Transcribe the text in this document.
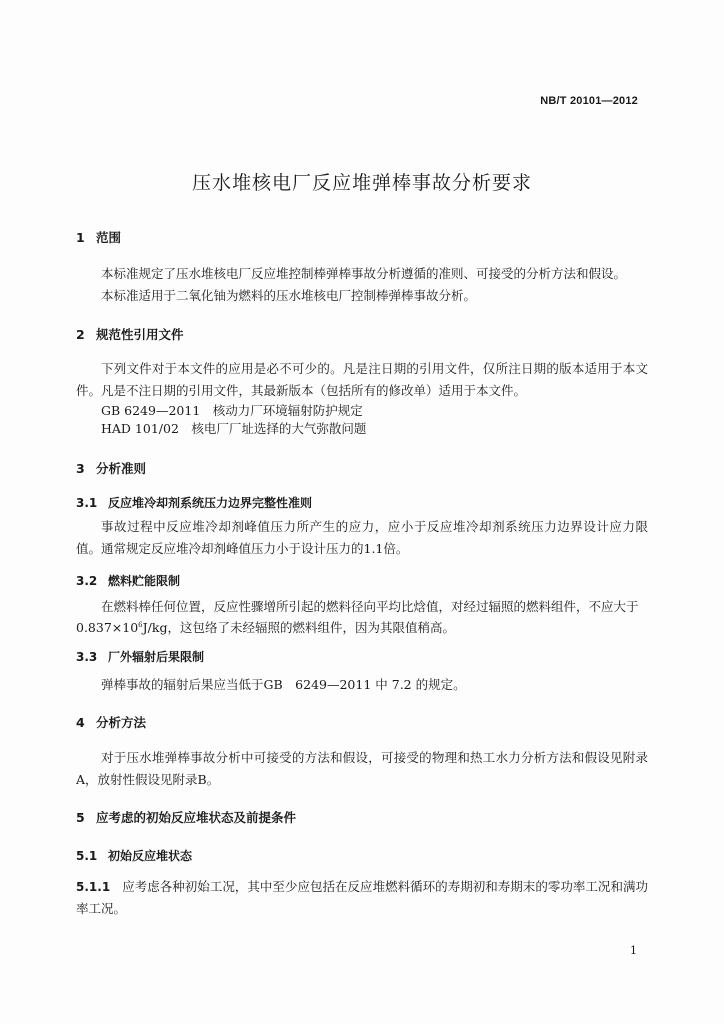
NB/T 20101—2012
压水堆核电厂反应堆弹棒事故分析要求
1 范围
本标准规定了压水堆核电厂反应堆控制棒弹棒事故分析遵循的准则、可接受的分析方法和假设。
本标准适用于二氧化铀为燃料的压水堆核电厂控制棒弹棒事故分析。
2 规范性引用文件
下列文件对于本文件的应用是必不可少的。凡是注日期的引用文件，仅所注日期的版本适用于本文件。凡是不注日期的引用文件，其最新版本（包括所有的修改单）适用于本文件。
GB 6249—2011　核动力厂环境辐射防护规定
HAD 101/02　核电厂厂址选择的大气弥散问题
3 分析准则
3.1 反应堆冷却剂系统压力边界完整性准则
事故过程中反应堆冷却剂峰值压力所产生的应力，应小于反应堆冷却剂系统压力边界设计应力限值。通常规定反应堆冷却剂峰值压力小于设计压力的1.1倍。
3.2 燃料贮能限制
在燃料棒任何位置，反应性骤增所引起的燃料径向平均比焓值，对经过辐照的燃料组件，不应大于
$0.837\times 10^6J/kg$，这包络了未经辐照的燃料组件，因为其限值稍高。
3.3 厂外辐射后果限制
弹棒事故的辐射后果应当低于GB　6249—2011 中 7.2 的规定。
4 分析方法
对于压水堆弹棒事故分析中可接受的方法和假设，可接受的物理和热工水力分析方法和假设见附录A，放射性假设见附录B。
5 应考虑的初始反应堆状态及前提条件
5.1 初始反应堆状态
5.1.1 应考虑各种初始工况，其中至少应包括在反应堆燃料循环的寿期初和寿期末的零功率工况和满功率工况。
1
